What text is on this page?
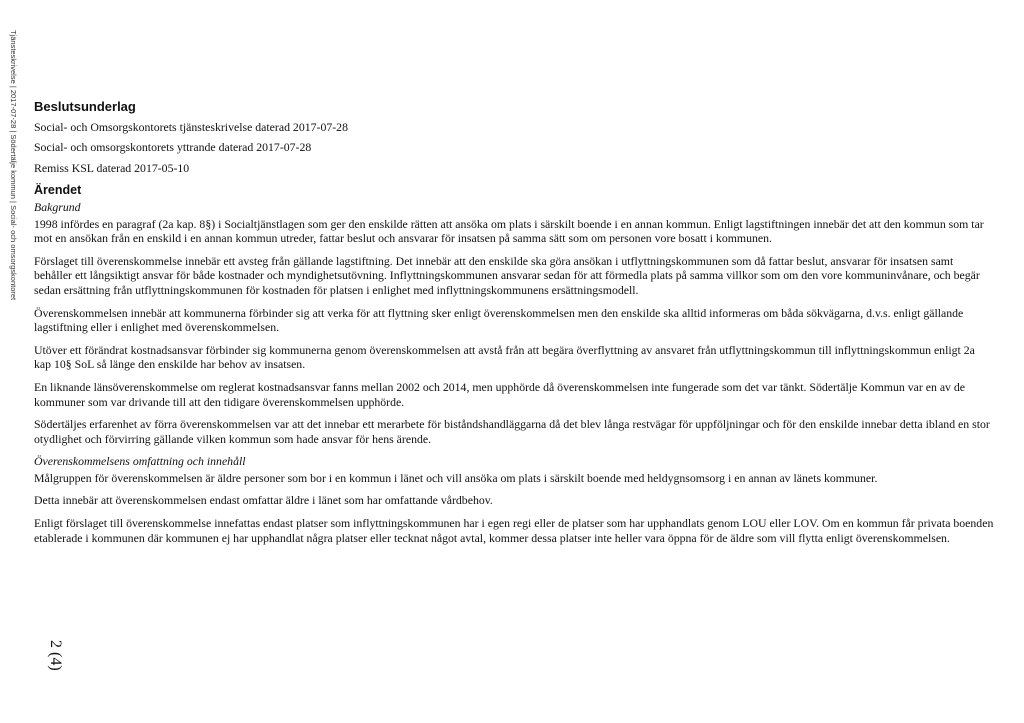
Tjänsteskrivelse | 2017-07-28 | Södertälje kommun | Social- och omsorgskontoret
2 (4)
Beslutsunderlag

Social- och Omsorgskontorets tjänsteskrivelse daterad 2017-07-28

Social- och omsorgskontorets yttrande daterad 2017-07-28

Remiss KSL daterad 2017-05-10

Ärendet
Bakgrund

1998 infördes en paragraf (2a kap. 8§) i Socialtjänstlagen som ger den enskilde rätten att ansöka om plats i särskilt boende i en annan kommun. Enligt lagstiftningen innebär det att den kommun som tar mot en ansökan från en enskild i en annan kommun utreder, fattar beslut och ansvarar för insatsen på samma sätt som om personen vore bosatt i kommunen.

Förslaget till överenskommelse innebär ett avsteg från gällande lagstiftning. Det innebär att den enskilde ska göra ansökan i utflyttningskommunen som då fattar beslut, ansvarar för insatsen samt behåller ett långsiktigt ansvar för både kostnader och myndighetsutövning. Inflyttningskommunen ansvarar sedan för att förmedla plats på samma villkor som om den vore kommuninvånare, och begär sedan ersättning från utflyttningskommunen för kostnaden för platsen i enlighet med inflyttningskommunens ersättningsmodell.

Överenskommelsen innebär att kommunerna förbinder sig att verka för att flyttning sker enligt överenskommelsen men den enskilde ska alltid informeras om båda sökvägarna, d.v.s. enligt gällande lagstiftning eller i enlighet med överenskommelsen.

Utöver ett förändrat kostnadsansvar förbinder sig kommunerna genom överenskommelsen att avstå från att begära överflyttning av ansvaret från utflyttningskommun till inflyttningskommun enligt 2a kap 10§ SoL så länge den enskilde har behov av insatsen.

En liknande länsöverenskommelse om reglerat kostnadsansvar fanns mellan 2002 och 2014, men upphörde då överenskommelsen inte fungerade som det var tänkt. Södertälje Kommun var en av de kommuner som var drivande till att den tidigare överenskommelsen upphörde.

Södertäljes erfarenhet av förra överenskommelsen var att det innebar ett merarbete för biståndshandläggarna då det blev långa restvägar för uppföljningar och för den enskilde innebar detta ibland en stor otydlighet och förvirring gällande vilken kommun som hade ansvar för hens ärende.

Överenskommelsens omfattning och innehåll

Målgruppen för överenskommelsen är äldre personer som bor i en kommun i länet och vill ansöka om plats i särskilt boende med heldygnsomsorg i en annan av länets kommuner.

Detta innebär att överenskommelsen endast omfattar äldre i länet som har omfattande vårdbehov.

Enligt förslaget till överenskommelse innefattas endast platser som inflyttningskommunen har i egen regi eller de platser som har upphandlats genom LOU eller LOV. Om en kommun får privata boenden etablerade i kommunen där kommunen ej har upphandlat några platser eller tecknat något avtal, kommer dessa platser inte heller vara öppna för de äldre som vill flytta enligt överenskommelsen.
